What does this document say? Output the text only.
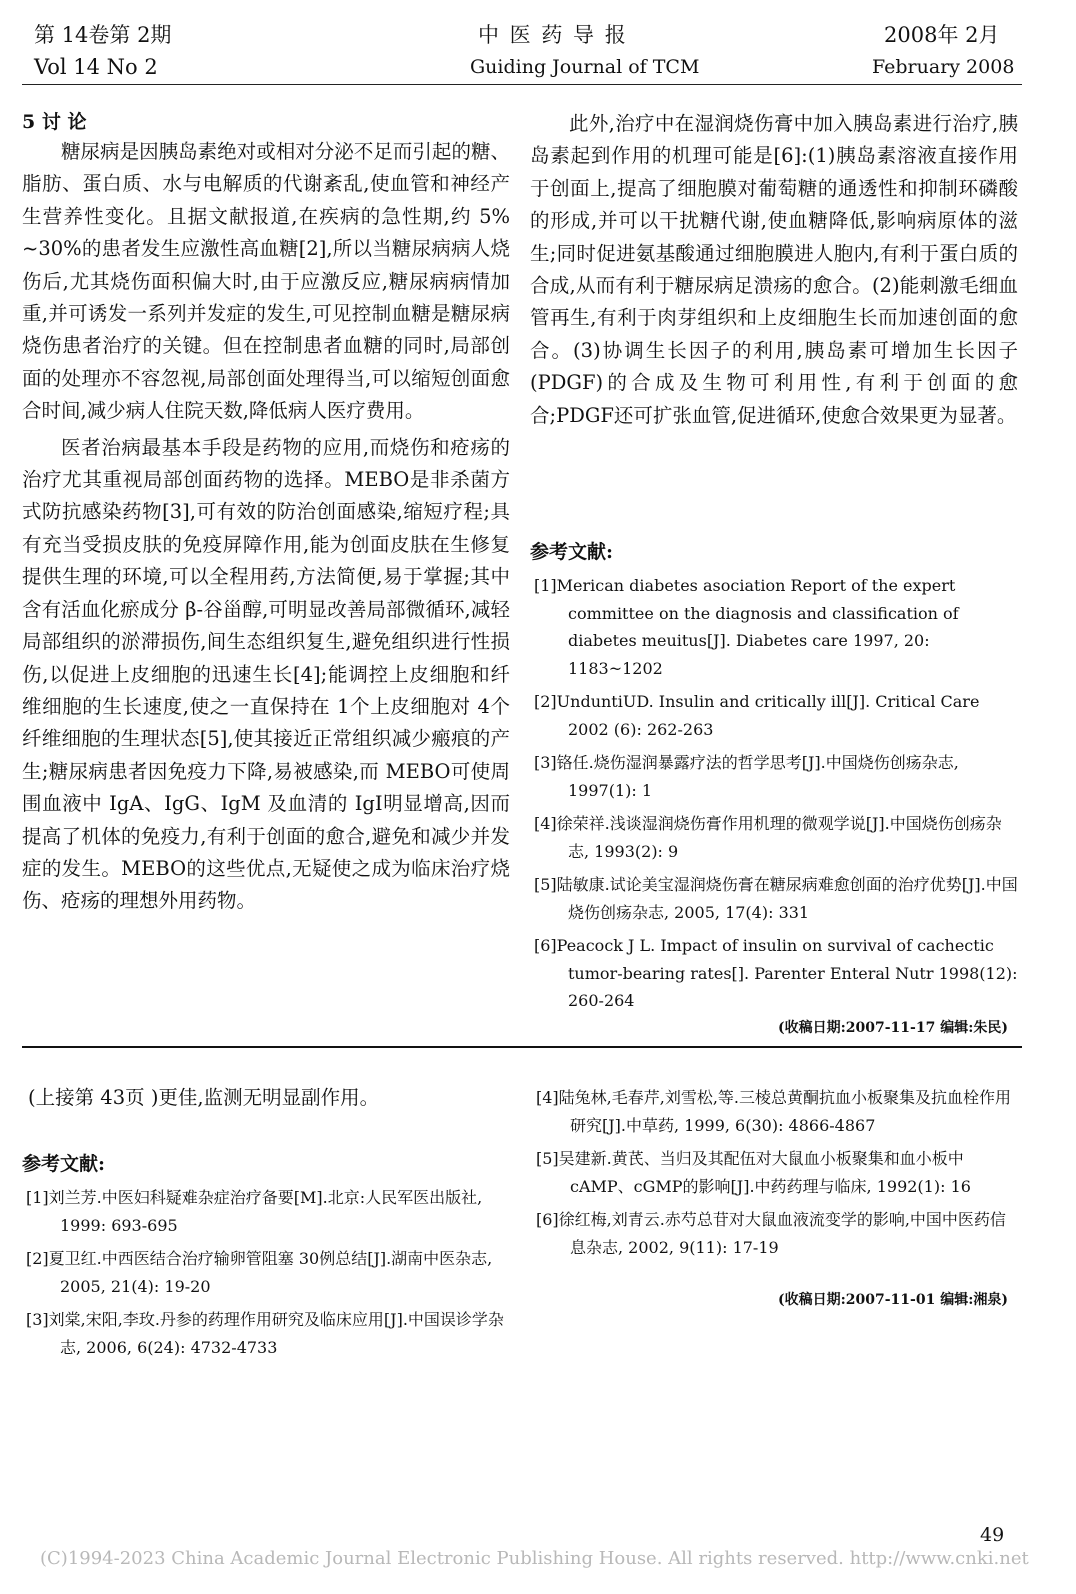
第 14卷第 2期
Vol 14 No 2
中 医 药 导 报
Guiding Journal of TCM
2008年 2月
February 2008
5 讨 论

糖尿病是因胰岛素绝对或相对分泌不足而引起的糖、脂肪、蛋白质、水与电解质的代谢紊乱,使血管和神经产生营养性变化。且据文献报道,在疾病的急性期,约 5% ~30%的患者发生应激性高血糖[2],所以当糖尿病病人烧伤后,尤其烧伤面积偏大时,由于应激反应,糖尿病病情加重,并可诱发一系列并发症的发生,可见控制血糖是糖尿病烧伤患者治疗的关键。但在控制患者血糖的同时,局部创面的处理亦不容忽视,局部创面处理得当,可以缩短创面愈合时间,减少病人住院天数,降低病人医疗费用。

医者治病最基本手段是药物的应用,而烧伤和疮疡的治疗尤其重视局部创面药物的选择。MEBO是非杀菌方式防抗感染药物[3],可有效的防治创面感染,缩短疗程;具有充当受损皮肤的免疫屏障作用,能为创面皮肤在生修复提供生理的环境,可以全程用药,方法简便,易于掌握;其中含有活血化瘀成分 β-谷甾醇,可明显改善局部微循环,减轻局部组织的淤滞损伤,间生态组织复生,避免组织进行性损伤,以促进上皮细胞的迅速生长[4];能调控上皮细胞和纤维细胞的生长速度,使之一直保持在 1个上皮细胞对 4个纤维细胞的生理状态[5],使其接近正常组织减少瘢痕的产生;糖尿病患者因免疫力下降,易被感染,而 MEBO可使周围血液中 IgA、IgG、IgM 及血清的 IgI明显增高,因而提高了机体的免疫力,有利于创面的愈合,避免和减少并发症的发生。MEBO的这些优点,无疑使之成为临床治疗烧伤、疮疡的理想外用药物。

此外,治疗中在湿润烧伤膏中加入胰岛素进行治疗,胰岛素起到作用的机理可能是[6]:(1)胰岛素溶液直接作用于创面上,提高了细胞膜对葡萄糖的通透性和抑制环磷酸的形成,并可以干扰糖代谢,使血糖降低,影响病原体的滋生;同时促进氨基酸通过细胞膜进人胞内,有利于蛋白质的合成,从而有利于糖尿病足溃疡的愈合。(2)能刺激毛细血管再生,有利于肉芽组织和上皮细胞生长而加速创面的愈合。(3)协调生长因子的利用,胰岛素可增加生长因子(PDGF)的合成及生物可利用性,有利于创面的愈合;PDGF还可扩张血管,促进循环,使愈合效果更为显著。

参考文献:
[1]Merican diabetes asociation Report of the expert committee on the diagnosis and classification of diabetes meuitus[J]. Diabetes care 1997, 20: 1183~1202
[2]UnduntiUD. Insulin and critically ill[J]. Critical Care 2002 (6): 262-263
[3]铬任.烧伤湿润暴露疗法的哲学思考[J].中国烧伤创疡杂志, 1997(1): 1
[4]徐荣祥.浅谈湿润烧伤膏作用机理的微观学说[J].中国烧伤创疡杂志, 1993(2): 9
[5]陆敏康.试论美宝湿润烧伤膏在糖尿病难愈创面的治疗优势[J].中国烧伤创疡杂志, 2005, 17(4): 331
[6]Peacock J L. Impact of insulin on survival of cachectic tumor-bearing rates[]. Parenter Enteral Nutr 1998(12): 260-264
(收稿日期:2007-11-17 编辑:朱民)
(上接第 43页 )更佳,监测无明显副作用。
参考文献:
[1]刘兰芳.中医妇科疑难杂症治疗备要[M].北京:人民军医出版社, 1999: 693-695
[2]夏卫红.中西医结合治疗输卵管阻塞 30例总结[J].湖南中医杂志, 2005, 21(4): 19-20
[3]刘棠,宋阳,李玫.丹参的药理作用研究及临床应用[J].中国误诊学杂志, 2006, 6(24): 4732-4733
[4]陆兔林,毛春芹,刘雪松,等.三棱总黄酮抗血小板聚集及抗血栓作用研究[J].中草药, 1999, 6(30): 4866-4867
[5]吴建新.黄芪、当归及其配伍对大鼠血小板聚集和血小板中 cAMP、cGMP的影响[J].中药药理与临床, 1992(1): 16
[6]徐红梅,刘青云.赤芍总苷对大鼠血液流变学的影响,中国中医药信息杂志, 2002, 9(11): 17-19
(收稿日期:2007-11-01 编辑:湘泉)
49
(C)1994-2023 China Academic Journal Electronic Publishing House. All rights reserved. http://www.cnki.net
